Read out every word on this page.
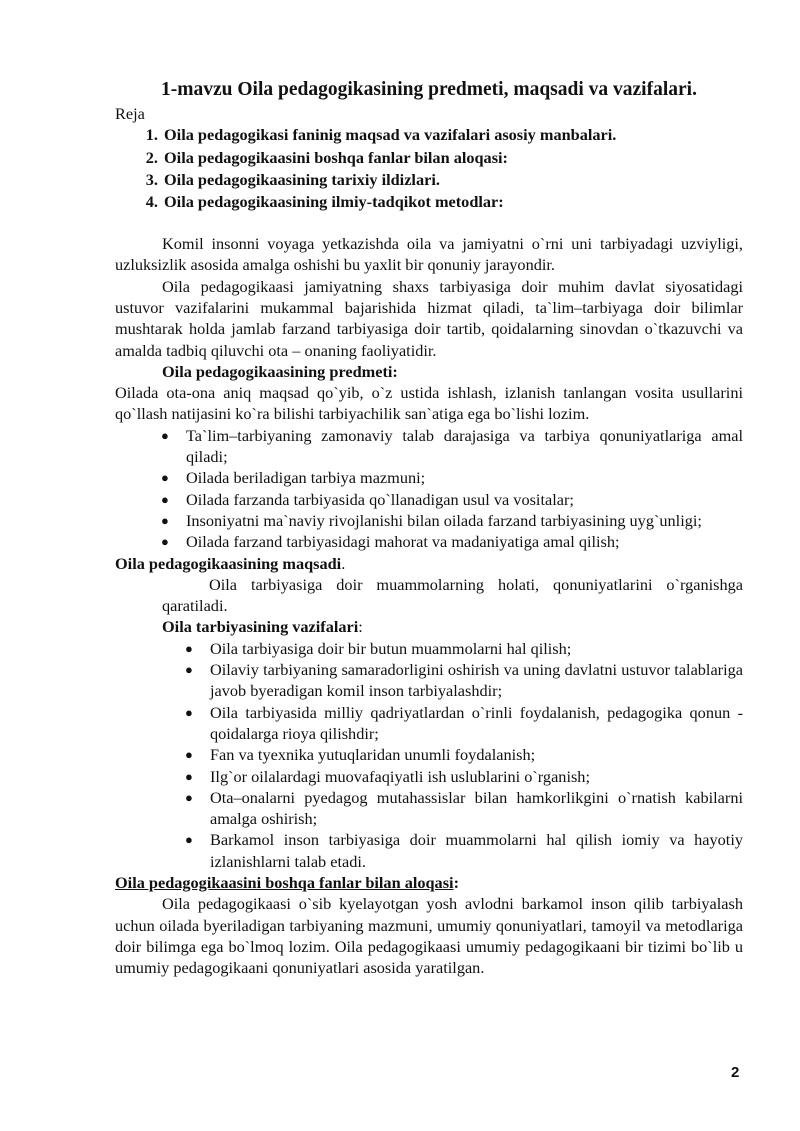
1-mavzu Oila pedagogikasining predmeti, maqsadi va vazifalari.

Reja

1. Oila pedagogikasi faninig maqsad va vazifalari asosiy manbalari.
2. Oila pedagogikaasini boshqa fanlar bilan aloqasi:
3. Oila pedagogikaasining tarixiy ildizlari.
4. Oila pedagogikaasining ilmiy-tadqikot metodlar:

Komil insonni voyaga yetkazishda oila va jamiyatni o`rni uni tarbiyadagi uzviyligi, uzluksizlik asosida amalga oshishi bu yaxlit bir qonuniy jarayondir.

Oila pedagogikaasi jamiyatning shaxs tarbiyasiga doir muhim davlat siyosatidagi ustuvor vazifalarini mukammal bajarishida hizmat qiladi, ta`lim–tarbiyaga doir bilimlar mushtarak holda jamlab farzand tarbiyasiga doir tartib, qoidalarning sinovdan o`tkazuvchi va amalda tadbiq qiluvchi ota – onaning faoliyatidir.

Oila pedagogikaasining predmeti:

Oilada ota-ona aniq maqsad qo`yib, o`z ustida ishlash, izlanish tanlangan vosita usullarini qo`llash natijasini ko`ra bilishi tarbiyachilik san`atiga ega bo`lishi lozim.

● Ta`lim–tarbiyaning zamonaviy talab darajasiga va tarbiya qonuniyatlariga amal qiladi;
● Oilada beriladigan tarbiya mazmuni;
● Oilada farzanda tarbiyasida qo`llanadigan usul va vositalar;
● Insoniyatni ma`naviy rivojlanishi bilan oilada farzand tarbiyasining uyg`unligi;
● Oilada farzand tarbiyasidagi mahorat va madaniyatiga amal qilish;

Oila pedagogikaasining maqsadi.

Oila tarbiyasiga doir muammolarning holati, qonuniyatlarini o`rganishga qaratiladi.

Oila tarbiyasining vazifalari:

● Oila tarbiyasiga doir bir butun muammolarni hal qilish;
● Oilaviy tarbiyaning samaradorligini oshirish va uning davlatni ustuvor talablariga javob byeradigan komil inson tarbiyalashdir;
● Oila tarbiyasida milliy qadriyatlardan o`rinli foydalanish, pedagogika qonun - qoidalarga rioya qilishdir;
● Fan va tyexnika yutuqlaridan unumli foydalanish;
● Ilg`or oilalardagi muovafaqiyatli ish uslublarini o`rganish;
● Ota–onalarni pyedagog mutahassislar bilan hamkorlikgini o`rnatish kabilarni amalga oshirish;
● Barkamol inson tarbiyasiga doir muammolarni hal qilish iomiy va hayotiy izlanishlarni talab etadi.

Oila pedagogikaasini boshqa fanlar bilan aloqasi:

Oila pedagogikaasi o`sib kyelayotgan yosh avlodni barkamol inson qilib tarbiyalash uchun oilada byeriladigan tarbiyaning mazmuni, umumiy qonuniyatlari, tamoyil va metodlariga doir bilimga ega bo`lmoq lozim. Oila pedagogikaasi umumiy pedagogikaani bir tizimi bo`lib u umumiy pedagogikaani qonuniyatlari asosida yaratilgan.

2
